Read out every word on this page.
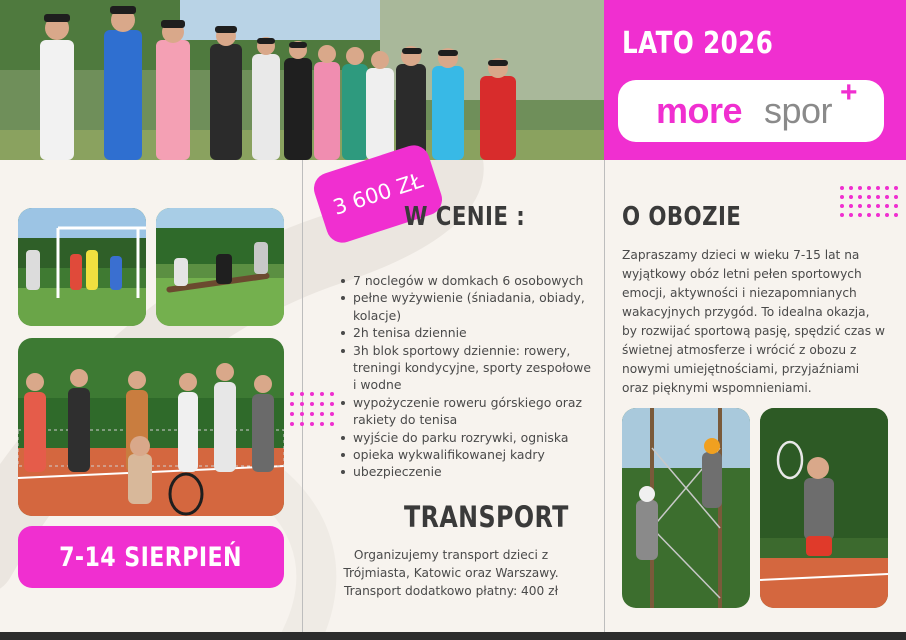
LATO 2026
more spor +
7-14 SIERPIEŃ
3 600 ZŁ
W CENIE :
7 noclegów w domkach 6 osobowych
pełne wyżywienie (śniadania, obiady, kolacje)
2h tenisa dziennie
3h blok sportowy dziennie: rowery, treningi kondycyjne, sporty zespołowe i wodne
wypożyczenie roweru górskiego oraz rakiety do tenisa
wyjście do parku rozrywki, ogniska
opieka wykwalifikowanej kadry
ubezpieczenie
TRANSPORT
Organizujemy transport dzieci z Trójmiasta, Katowic oraz Warszawy. Transport dodatkowo płatny: 400 zł
O OBOZIE
Zapraszamy dzieci w wieku 7-15 lat na wyjątkowy obóz letni pełen sportowych emocji, aktywności i niezapomnianych wakacyjnych przygód. To idealna okazja, by rozwijać sportową pasję, spędzić czas w świetnej atmosferze i wrócić z obozu z nowymi umiejętnościami, przyjaźniami oraz pięknymi wspomnieniami.
